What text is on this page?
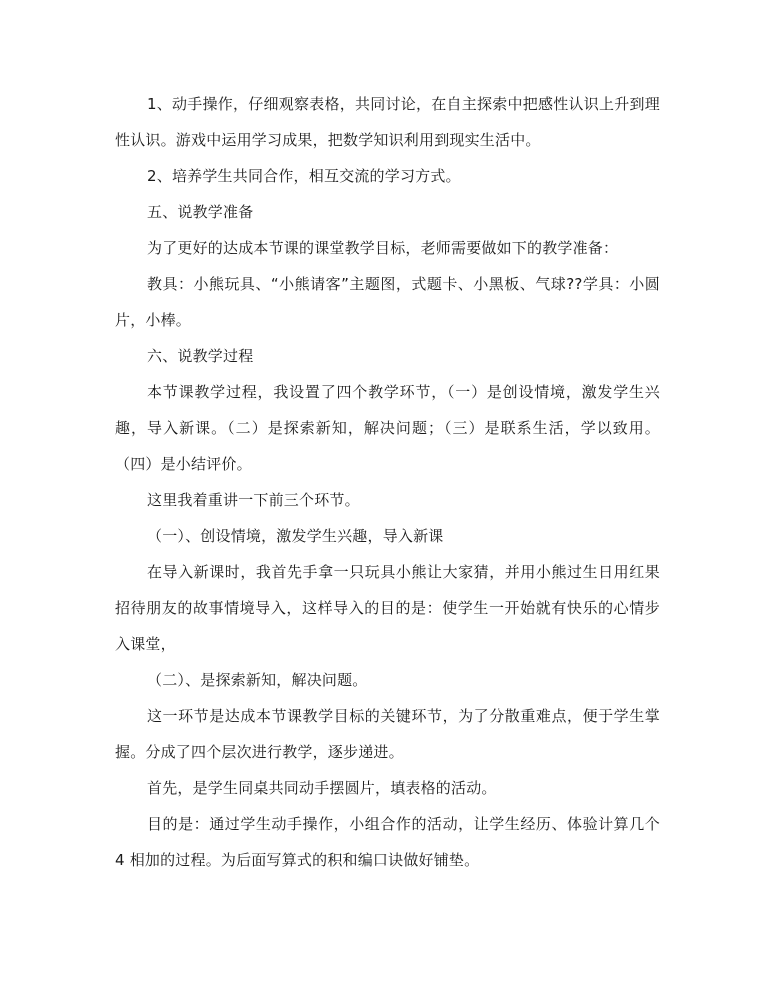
1、动手操作，仔细观察表格，共同讨论，在自主探索中把感性认识上升到理性认识。游戏中运用学习成果，把数学知识利用到现实生活中。

2、培养学生共同合作，相互交流的学习方式。

五、说教学准备

为了更好的达成本节课的课堂教学目标，老师需要做如下的教学准备：

教具：小熊玩具、“小熊请客”主题图，式题卡、小黑板、气球??学具：小圆片，小棒。

六、说教学过程

本节课教学过程，我设置了四个教学环节，（一）是创设情境，激发学生兴趣，导入新课。（二）是探索新知，解决问题；（三）是联系生活，学以致用。（四）是小结评价。

这里我着重讲一下前三个环节。

（一）、创设情境，激发学生兴趣，导入新课

在导入新课时，我首先手拿一只玩具小熊让大家猜，并用小熊过生日用红果招待朋友的故事情境导入，这样导入的目的是：使学生一开始就有快乐的心情步入课堂，

（二）、是探索新知，解决问题。

这一环节是达成本节课教学目标的关键环节，为了分散重难点，便于学生掌握。分成了四个层次进行教学，逐步递进。

首先，是学生同桌共同动手摆圆片，填表格的活动。

目的是：通过学生动手操作，小组合作的活动，让学生经历、体验计算几个 4 相加的过程。为后面写算式的积和编口诀做好铺垫。
